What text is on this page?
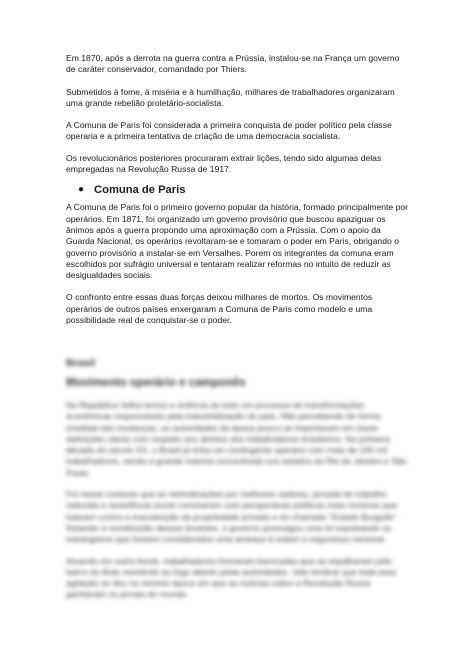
Em 1870, após a derrota na guerra contra a Prússia, instalou-se na França um governo de caráter conservador, comandado por Thiers.

Submetidos à fome, à miséria e à humilhação, milhares de trabalhadores organizaram uma grande rebelião proletário-socialista.

A Comuna de Paris foi considerada a primeira conquista de poder político pela classe operaria e a primeira tentativa de criação de uma democracia socialista.

Os revolucionários posteriores procuraram extrair lições, tendo sido algumas delas empregadas na Revolução Russa de 1917.

● Comuna de Paris

A Comuna de Paris foi o primeiro governo popular da história, formado principalmente por operários. Em 1871, foi organizado um governo provisório que buscou apaziguar os ânimos após a guerra propondo uma aproximação com a Prússia. Com o apoio da Guarda Nacional, os operários revoltaram-se e tomaram o poder em Paris, obrigando o governo provisório a instalar-se em Versalhes. Porem os integrantes da comuna eram escolhidos por sufrágio universal e tentaram realizar reformas no intuito de reduzir as desigualdades sociais.

O confronto entre essas duas forças deixou milhares de mortos. Os movimentos operários de outros países enxergaram a Comuna de Paris como modelo e uma possibilidade real de conquistar-se o poder.

Brasil
Movimento operário e camponês

Na República Velha temos a vivência de todo um processo de transformações econômicas responsáveis pela industrialização do país. Não percebendo de forma imediata tais mudanças, as autoridades da época pouco se importavam em trazer definições claras com respeito aos direitos dos trabalhadores brasileiros. Na primeira década do século XX, o Brasil já tinha um contingente operário com mais de 100 mil trabalhadores, sendo a grande maioria concentrada nos estados do Rio de Janeiro e São Paulo.

Foi nesse contexto que as reivindicações por melhores salários, jornada de trabalho reduzida e assistência social conviveram com perspectivas políticas mais incisivas que lutavam contra a manutenção da propriedade privada e do chamado "Estado Burguês". Notando a constituição desses levantes, o governo promulgou uma lei expulsando os estrangeiros que fossem considerados uma ameaça à ordem e segurança nacional.

Atuando em outra frente, trabalhadores formaram barricadas que se espalharam pelo bairro do Brás resistindo ao fogo aberto pelas autoridades. Vale lembrar que toda essa agitação se deu na mesma época em que as notícias sobre a Revolução Russa ganhavam os jornais do mundo.
